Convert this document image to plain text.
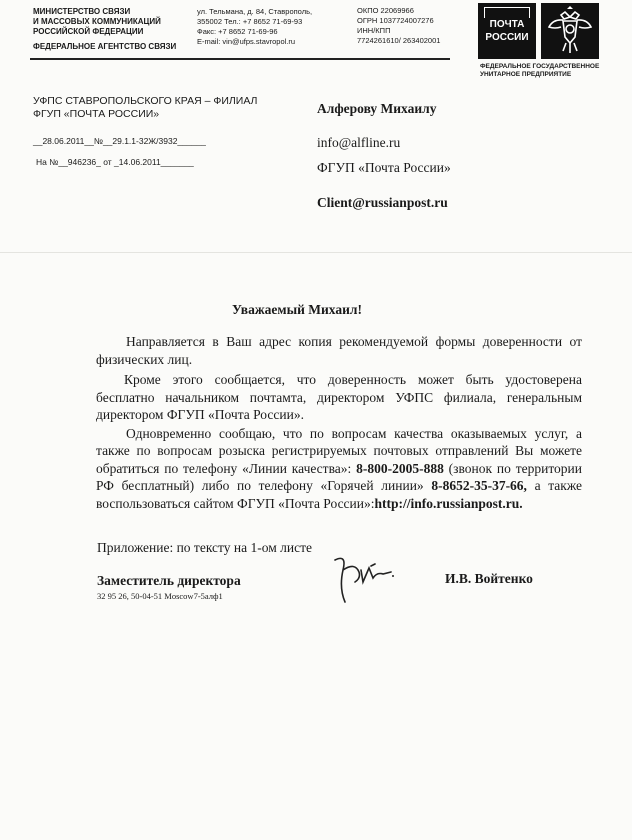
МИНИСТЕРСТВО СВЯЗИ
И МАССОВЫХ КОММУНИКАЦИЙ
РОССИЙСКОЙ ФЕДЕРАЦИИ
ФЕДЕРАЛЬНОЕ АГЕНТСТВО СВЯЗИ
ул. Тельмана, д. 84, Ставрополь,
355002 Тел.: +7 8652 71-69-93
Факс: +7 8652 71-69-96
E-mail: vin@ufps.stavropol.ru
ОКПО 22069966
ОГРН 1037724007276
ИНН/КПП
7724261610/ 263402001
ПОЧТА
РОССИИ
ФЕДЕРАЛЬНОЕ ГОСУДАРСТВЕННОЕ
УНИТАРНОЕ ПРЕДПРИЯТИЕ
УФПС СТАВРОПОЛЬСКОГО КРАЯ – ФИЛИАЛ
ФГУП «ПОЧТА РОССИИ»
__28.06.2011__№__29.1.1-32Ж/3932______
На №__946236_ от _14.06.2011_______
Алферову Михаилу
info@alfline.ru
ФГУП «Почта России»
Client@russianpost.ru
Уважаемый Михаил!

Направляется в Ваш адрес копия рекомендуемой формы доверенности от физических лиц.

Кроме этого сообщается, что доверенность может быть удостоверена бесплатно начальником почтамта, директором УФПС филиала, генеральным директором ФГУП «Почта России».

Одновременно сообщаю, что по вопросам качества оказываемых услуг, а также по вопросам розыска регистрируемых почтовых отправлений Вы можете обратиться по телефону «Линии качества»: 8-800-2005-888 (звонок по территории РФ бесплатный) либо по телефону «Горячей линии» 8-8652-35-37-66, а также воспользоваться сайтом ФГУП «Почта России»:http://info.russianpost.ru.

Приложение: по тексту на 1-ом листе
Заместитель директора
32 95 26, 50-04-51 Moscow7-5алф1
И.В. Войтенко
